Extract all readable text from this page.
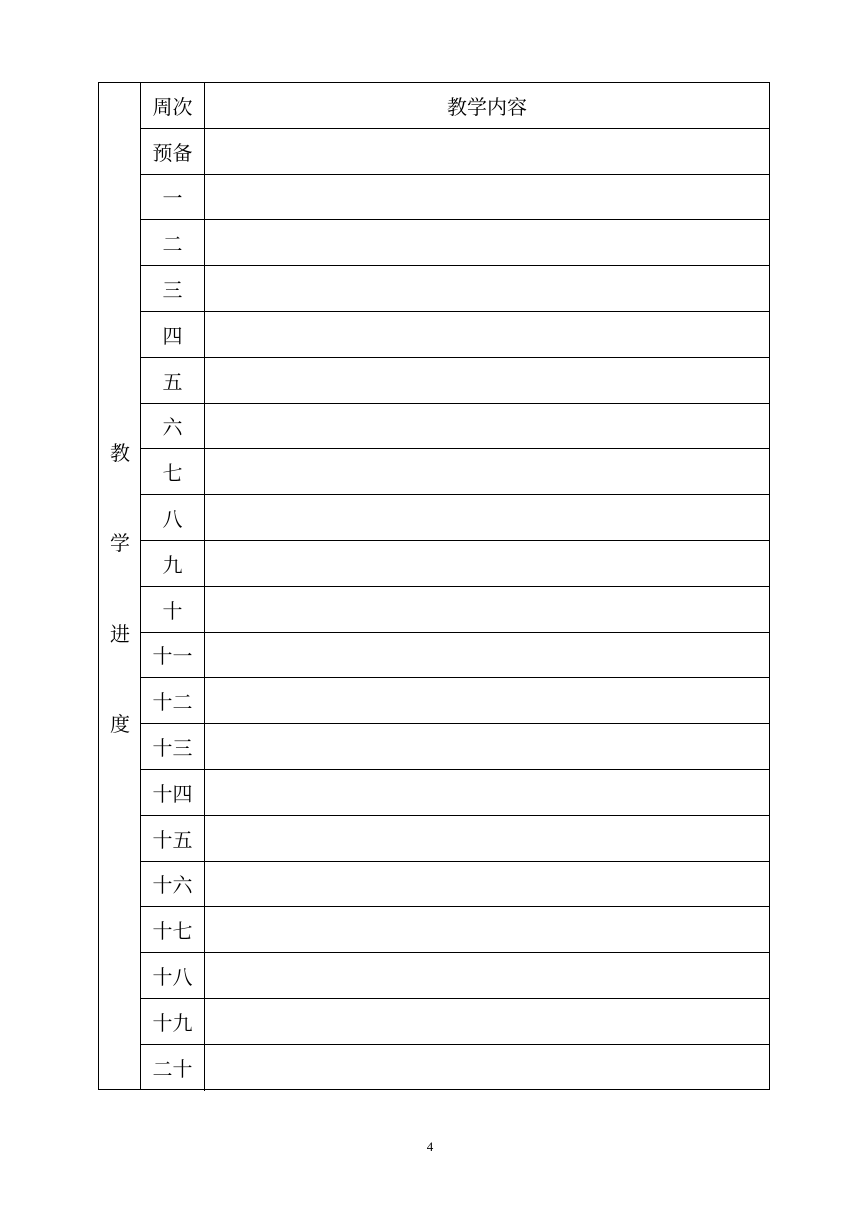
教
学
进
度
周次	教学内容
预备
一
二
三
四
五
六
七
八
九
十
十一
十二
十三
十四
十五
十六
十七
十八
十九
二十
4
